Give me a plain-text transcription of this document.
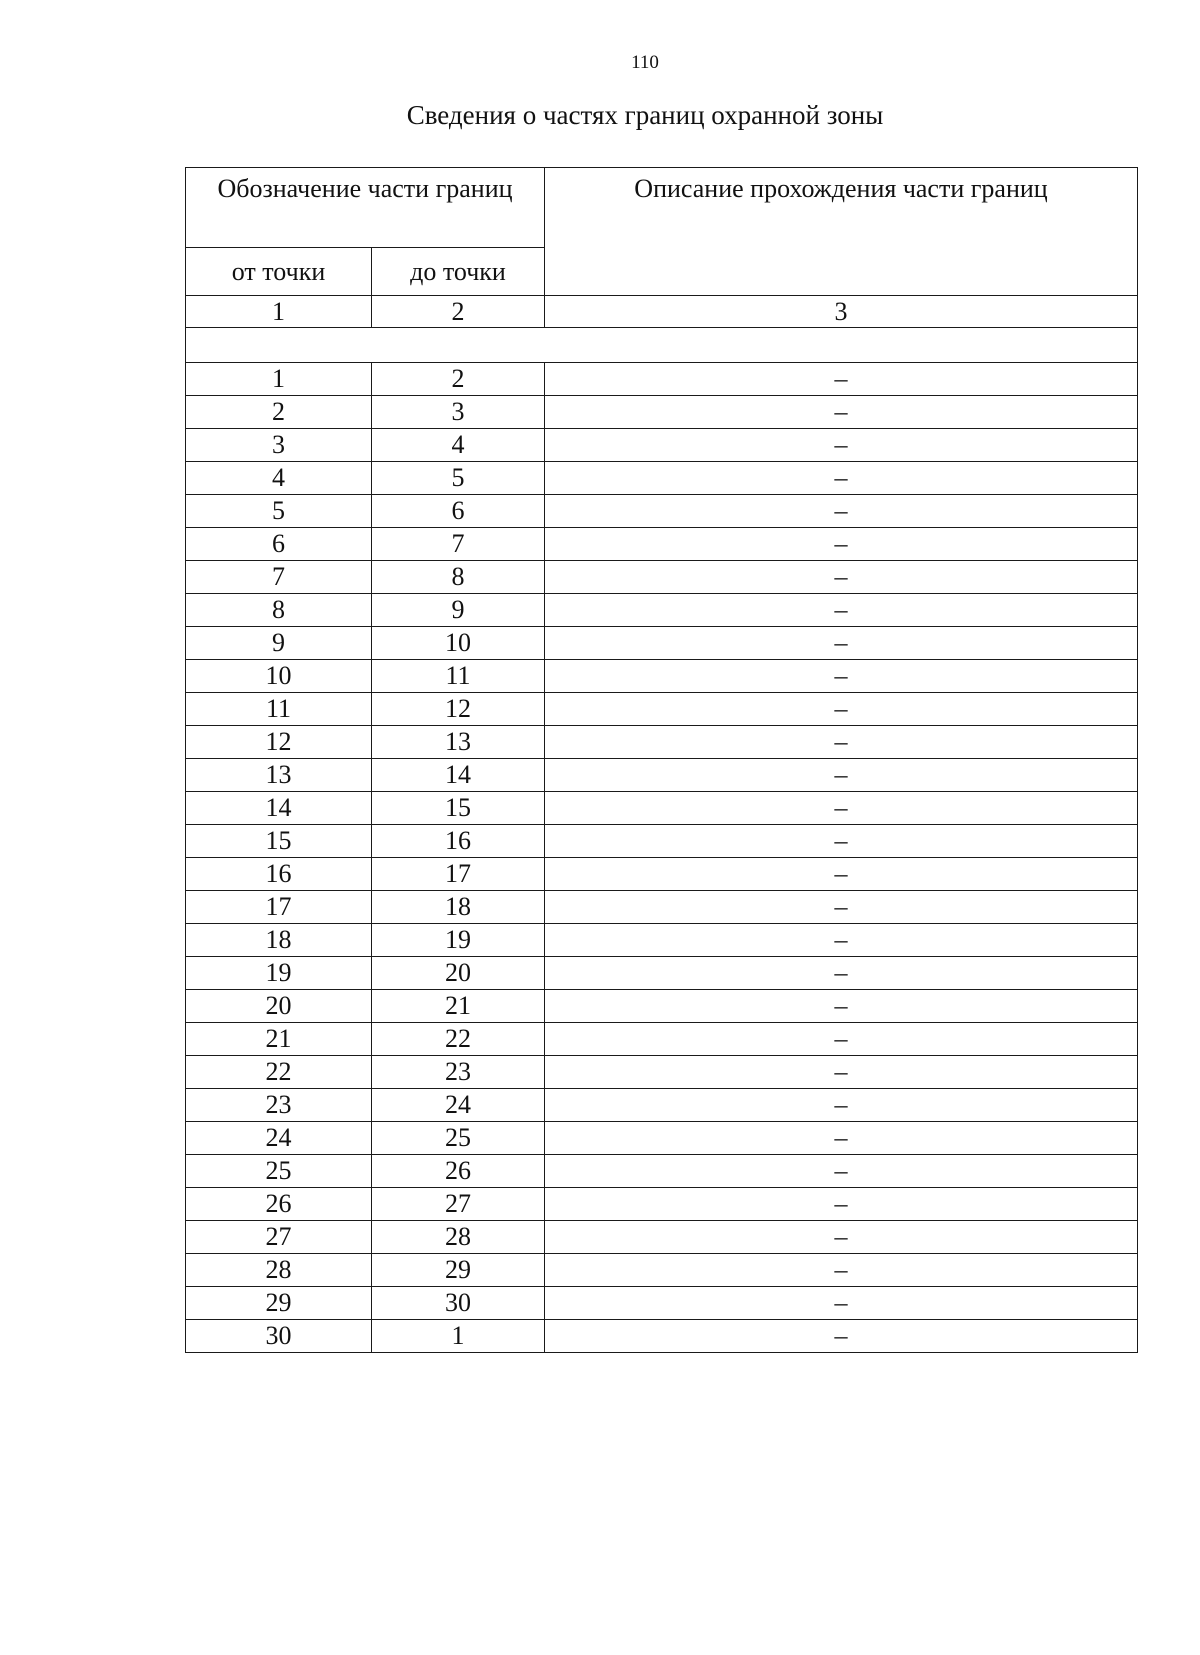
110
Сведения о частях границ охранной зоны
Обозначение части границ		Описание прохождения части границ
от точки	до точки	
1	2	3

1	2	–
2	3	–
3	4	–
4	5	–
5	6	–
6	7	–
7	8	–
8	9	–
9	10	–
10	11	–
11	12	–
12	13	–
13	14	–
14	15	–
15	16	–
16	17	–
17	18	–
18	19	–
19	20	–
20	21	–
21	22	–
22	23	–
23	24	–
24	25	–
25	26	–
26	27	–
27	28	–
28	29	–
29	30	–
30	1	–
